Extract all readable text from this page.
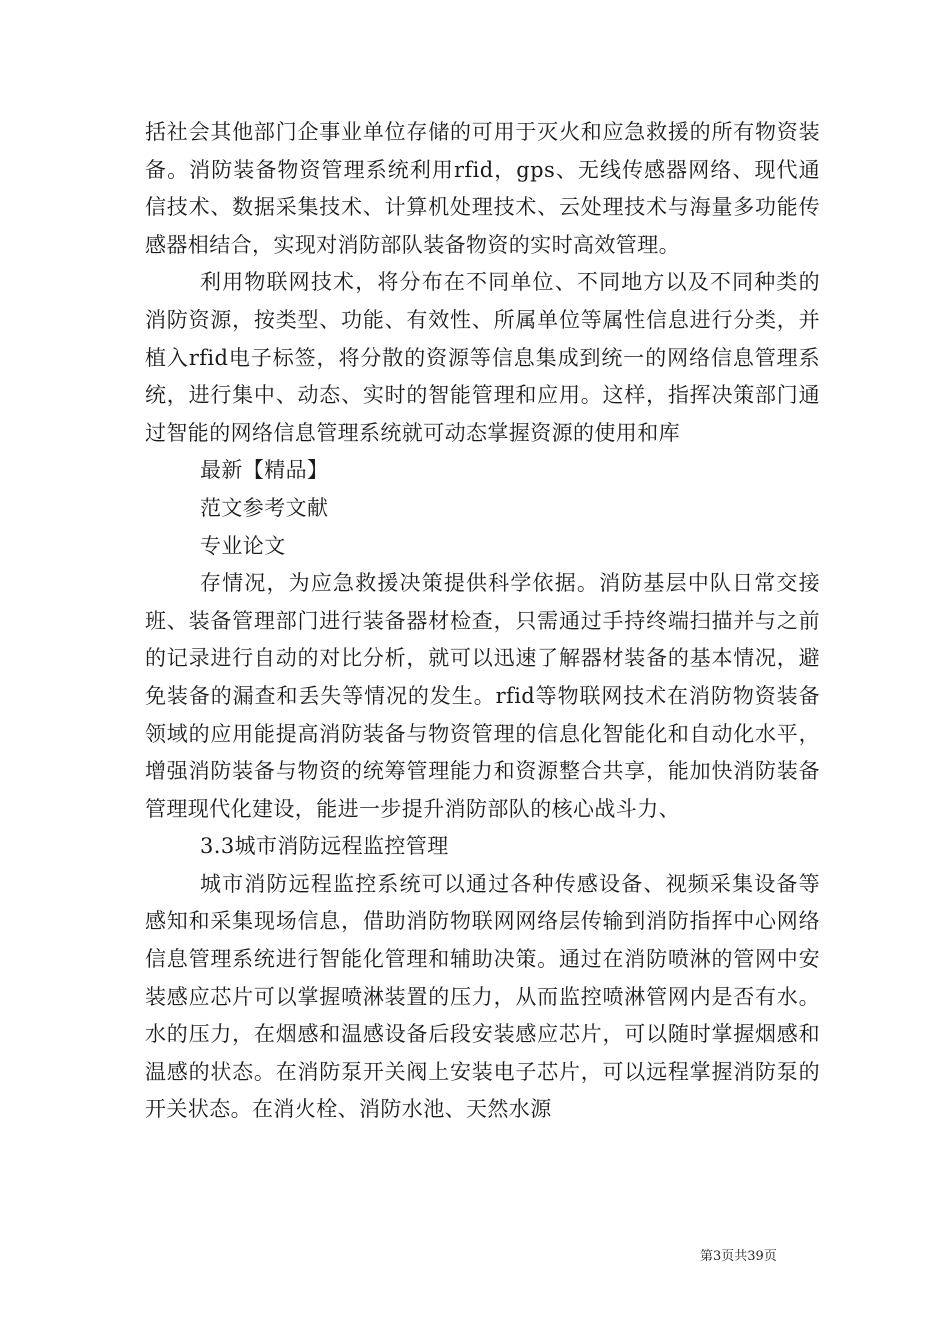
括社会其他部门企事业单位存储的可用于灭火和应急救援的所有物资装备。消防装备物资管理系统利用rfid，gps、无线传感器网络、现代通信技术、数据采集技术、计算机处理技术、云处理技术与海量多功能传感器相结合，实现对消防部队装备物资的实时高效管理。

利用物联网技术，将分布在不同单位、不同地方以及不同种类的消防资源，按类型、功能、有效性、所属单位等属性信息进行分类，并植入rfid电子标签，将分散的资源等信息集成到统一的网络信息管理系统，进行集中、动态、实时的智能管理和应用。这样，指挥决策部门通过智能的网络信息管理系统就可动态掌握资源的使用和库

最新【精品】

范文参考文献

专业论文

存情况，为应急救援决策提供科学依据。消防基层中队日常交接班、装备管理部门进行装备器材检查，只需通过手持终端扫描并与之前的记录进行自动的对比分析，就可以迅速了解器材装备的基本情况，避免装备的漏查和丢失等情况的发生。rfid等物联网技术在消防物资装备领域的应用能提高消防装备与物资管理的信息化智能化和自动化水平，增强消防装备与物资的统筹管理能力和资源整合共享，能加快消防装备管理现代化建设，能进一步提升消防部队的核心战斗力、

3.3城市消防远程监控管理

城市消防远程监控系统可以通过各种传感设备、视频采集设备等感知和采集现场信息，借助消防物联网网络层传输到消防指挥中心网络信息管理系统进行智能化管理和辅助决策。通过在消防喷淋的管网中安装感应芯片可以掌握喷淋装置的压力，从而监控喷淋管网内是否有水。水的压力，在烟感和温感设备后段安装感应芯片，可以随时掌握烟感和温感的状态。在消防泵开关阀上安装电子芯片，可以远程掌握消防泵的开关状态。在消火栓、消防水池、天然水源

第3页共39页
